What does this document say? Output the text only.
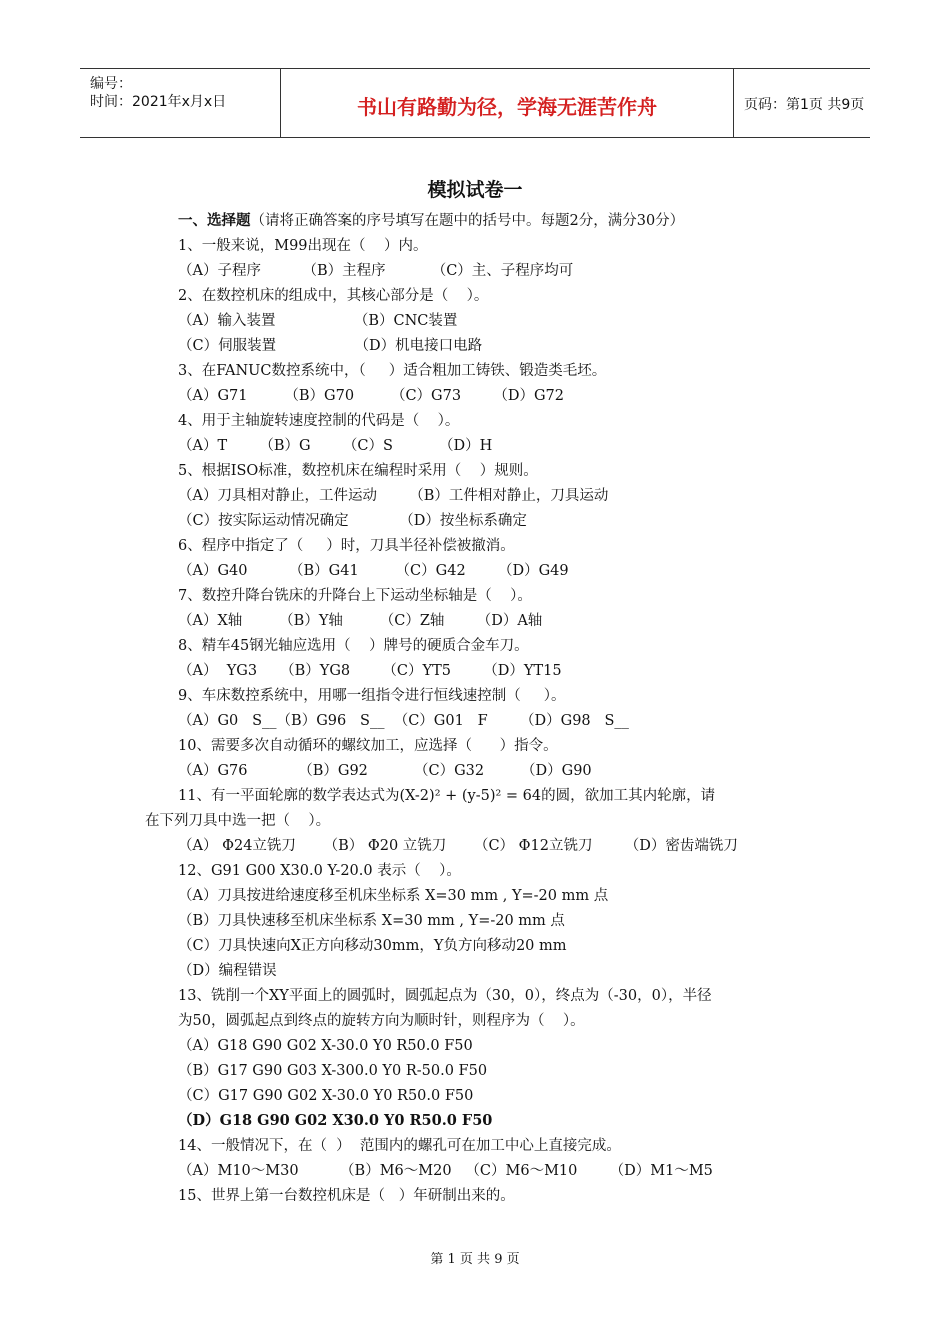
编号：
时间：2021年x月x日	书山有路勤为径，学海无涯苦作舟	页码：第1页 共9页
模拟试卷一
一、选择题（请将正确答案的序号填写在题中的括号中。每题2分，满分30分）
1、一般来说，M99出现在（    ）内。
（A）子程序         （B）主程序          （C）主、子程序均可
2、在数控机床的组成中，其核心部分是（    ）。
（A）输入装置                 （B）CNC装置
（C）伺服装置                 （D）机电接口电路
3、在FANUC数控系统中，（     ）适合粗加工铸铁、锻造类毛坯。
（A）G71        （B）G70        （C）G73       （D）G72
4、用于主轴旋转速度控制的代码是（    ）。
（A）T       （B）G       （C）S          （D）H
5、根据ISO标准，数控机床在编程时采用（    ）规则。
（A）刀具相对静止，工件运动       （B）工件相对静止，刀具运动
（C）按实际运动情况确定           （D）按坐标系确定
6、程序中指定了（     ）时，刀具半径补偿被撤消。
（A）G40         （B）G41        （C）G42       （D）G49
7、数控升降台铣床的升降台上下运动坐标轴是（    ）。
（A）X轴        （B）Y轴        （C）Z轴       （D）A轴
8、精车45钢光轴应选用（    ）牌号的硬质合金车刀。
（A）  YG3     （B）YG8       （C）YT5       （D）YT15
9、车床数控系统中，用哪一组指令进行恒线速控制（     ）。
（A）G0   S__（B）G96   S__  （C）G01   F       （D）G98   S__
10、需要多次自动循环的螺纹加工，应选择（      ）指令。
（A）G76           （B）G92          （C）G32        （D）G90
11、有一平面轮廓的数学表达式为(X-2)² + (y-5)² = 64的圆，欲加工其内轮廓，请
在下列刀具中选一把（    ）。
（A） Φ24立铣刀      （B） Φ20 立铣刀      （C） Φ12立铣刀       （D）密齿端铣刀
12、G91 G00 X30.0 Y-20.0 表示（    ）。
（A）刀具按进给速度移至机床坐标系 X=30 mm , Y=-20 mm 点
（B）刀具快速移至机床坐标系 X=30 mm , Y=-20 mm 点
（C）刀具快速向X正方向移动30mm，Y负方向移动20 mm
（D）编程错误
13、铣削一个XY平面上的圆弧时，圆弧起点为（30，0），终点为（-30，0），半径
为50，圆弧起点到终点的旋转方向为顺时针，则程序为（    ）。
（A）G18 G90 G02 X-30.0 Y0 R50.0 F50
（B）G17 G90 G03 X-300.0 Y0 R-50.0 F50
（C）G17 G90 G02 X-30.0 Y0 R50.0 F50
（D）G18 G90 G02 X30.0 Y0 R50.0 F50
14、一般情况下，在（  ）  范围内的螺孔可在加工中心上直接完成。
（A）M10～M30         （B）M6～M20   （C）M6～M10       （D）M1～M5
15、世界上第一台数控机床是（   ）年研制出来的。
第 1 页 共 9 页
